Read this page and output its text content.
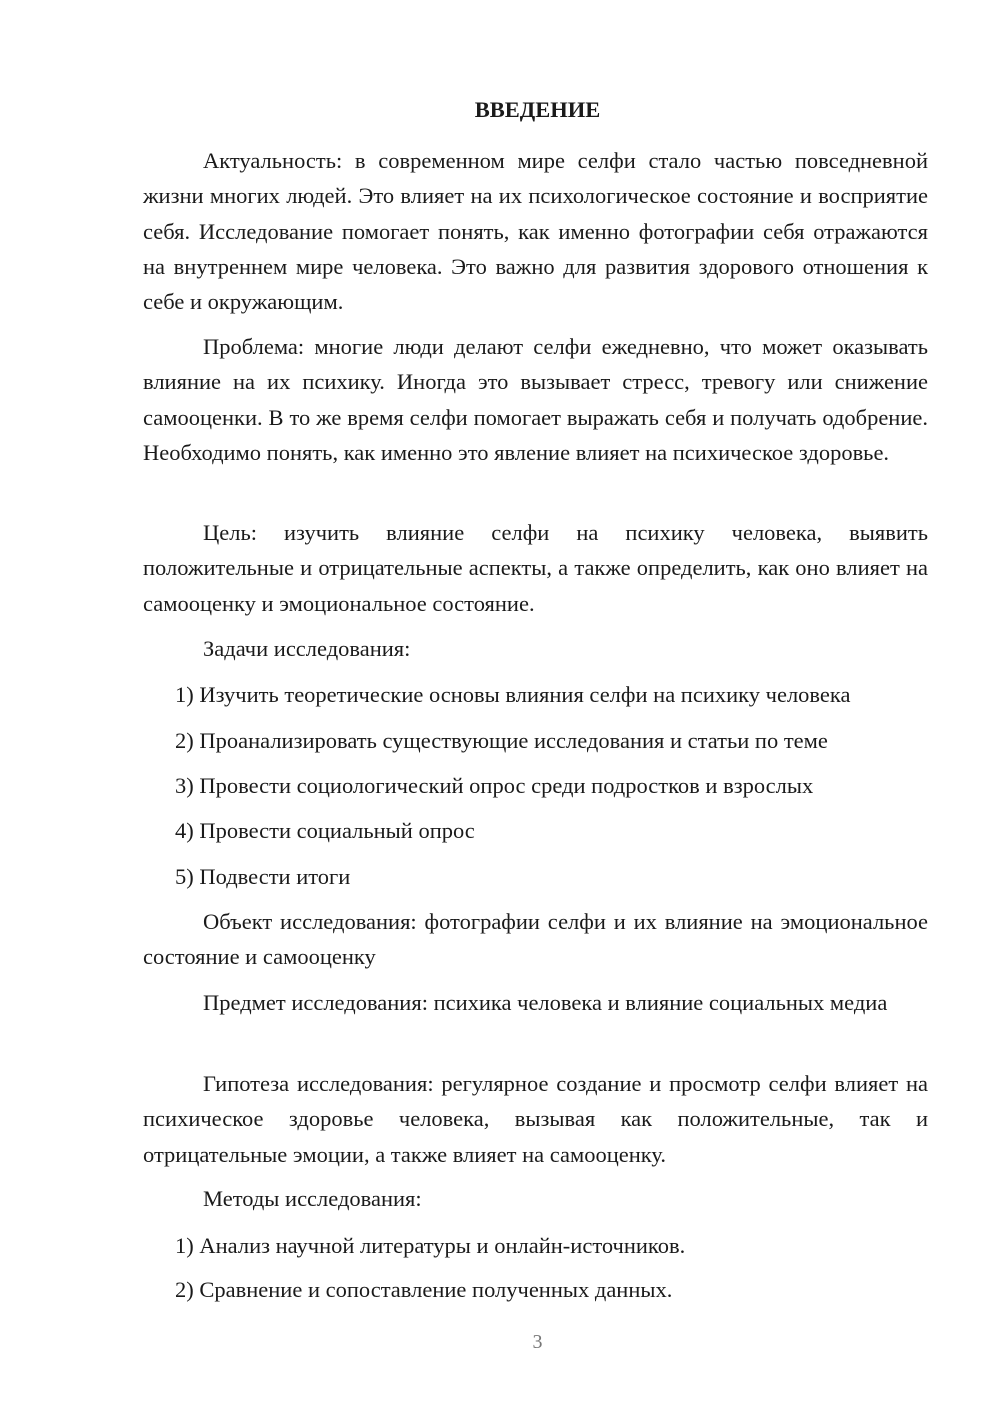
ВВЕДЕНИЕ

Актуальность: в современном мире селфи стало частью повседневной жизни многих людей. Это влияет на их психологическое состояние и восприятие себя. Исследование помогает понять, как именно фотографии себя отражаются на внутреннем мире человека. Это важно для развития здорового отношения к себе и окружающим.

Проблема: многие люди делают селфи ежедневно, что может оказывать влияние на их психику. Иногда это вызывает стресс, тревогу или снижение самооценки. В то же время селфи помогает выражать себя и получать одобрение. Необходимо понять, как именно это явление влияет на психическое здоровье.

Цель: изучить влияние селфи на психику человека, выявить положительные и отрицательные аспекты, а также определить, как оно влияет на самооценку и эмоциональное состояние.

Задачи исследования:

1) Изучить теоретические основы влияния селфи на психику человека

2) Проанализировать существующие исследования и статьи по теме

3) Провести социологический опрос среди подростков и взрослых

4) Провести социальный опрос

5) Подвести итоги

Объект исследования: фотографии селфи и их влияние на эмоциональное состояние и самооценку

Предмет исследования: психика человека и влияние социальных медиа

Гипотеза исследования: регулярное создание и просмотр селфи влияет на психическое здоровье человека, вызывая как положительные, так и отрицательные эмоции, а также влияет на самооценку.

Методы исследования:

1) Анализ научной литературы и онлайн-источников.

2) Сравнение и сопоставление полученных данных.

3
